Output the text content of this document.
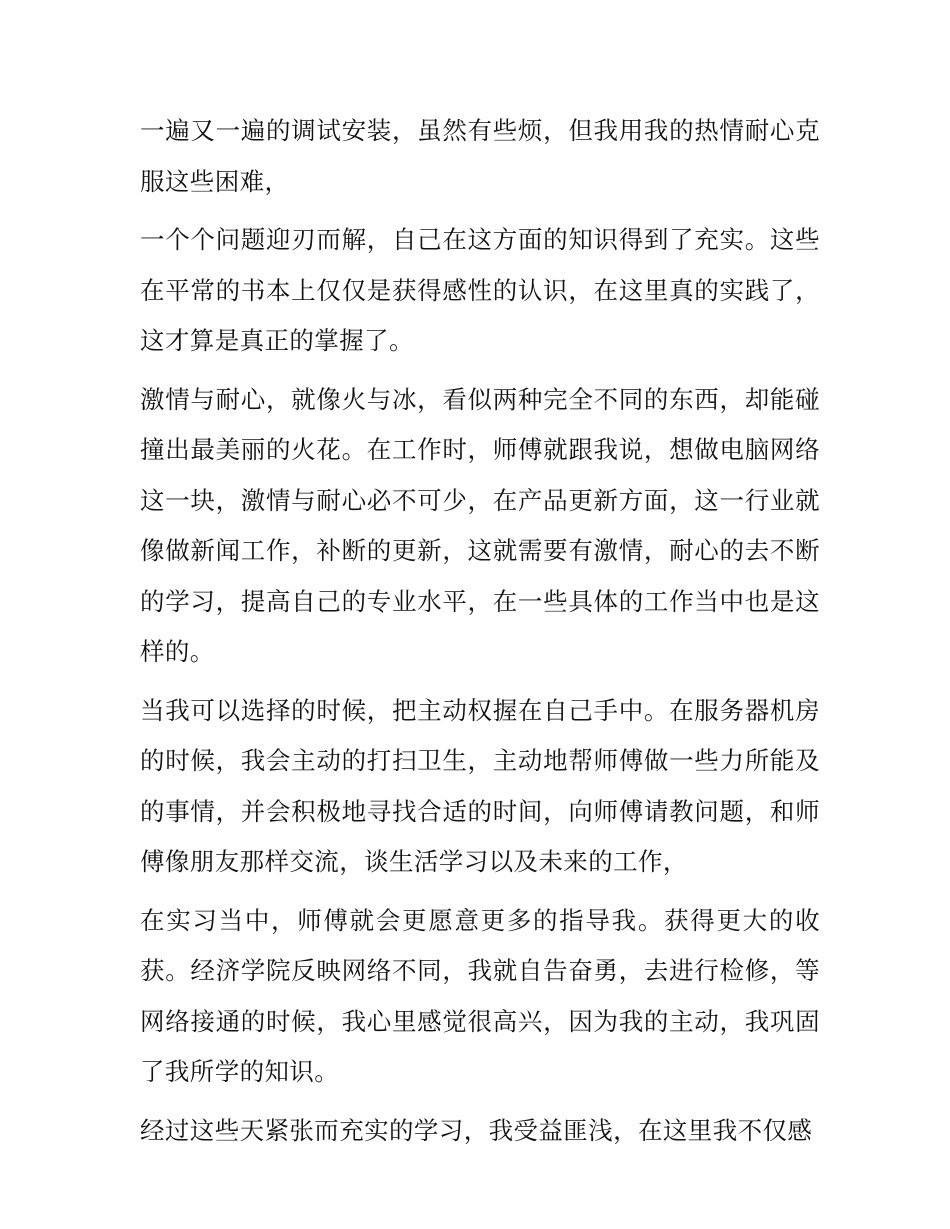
一遍又一遍的调试安装，虽然有些烦，但我用我的热情耐心克服这些困难，

一个个问题迎刃而解，自己在这方面的知识得到了充实。这些在平常的书本上仅仅是获得感性的认识，在这里真的实践了，这才算是真正的掌握了。

激情与耐心，就像火与冰，看似两种完全不同的东西，却能碰撞出最美丽的火花。在工作时，师傅就跟我说，想做电脑网络这一块，激情与耐心必不可少，在产品更新方面，这一行业就像做新闻工作，补断的更新，这就需要有激情，耐心的去不断的学习，提高自己的专业水平，在一些具体的工作当中也是这样的。

当我可以选择的时候，把主动权握在自己手中。在服务器机房的时候，我会主动的打扫卫生，主动地帮师傅做一些力所能及的事情，并会积极地寻找合适的时间，向师傅请教问题，和师傅像朋友那样交流，谈生活学习以及未来的工作，

在实习当中，师傅就会更愿意更多的指导我。获得更大的收获。经济学院反映网络不同，我就自告奋勇，去进行检修，等网络接通的时候，我心里感觉很高兴，因为我的主动，我巩固了我所学的知识。

经过这些天紧张而充实的学习，我受益匪浅，在这里我不仅感
